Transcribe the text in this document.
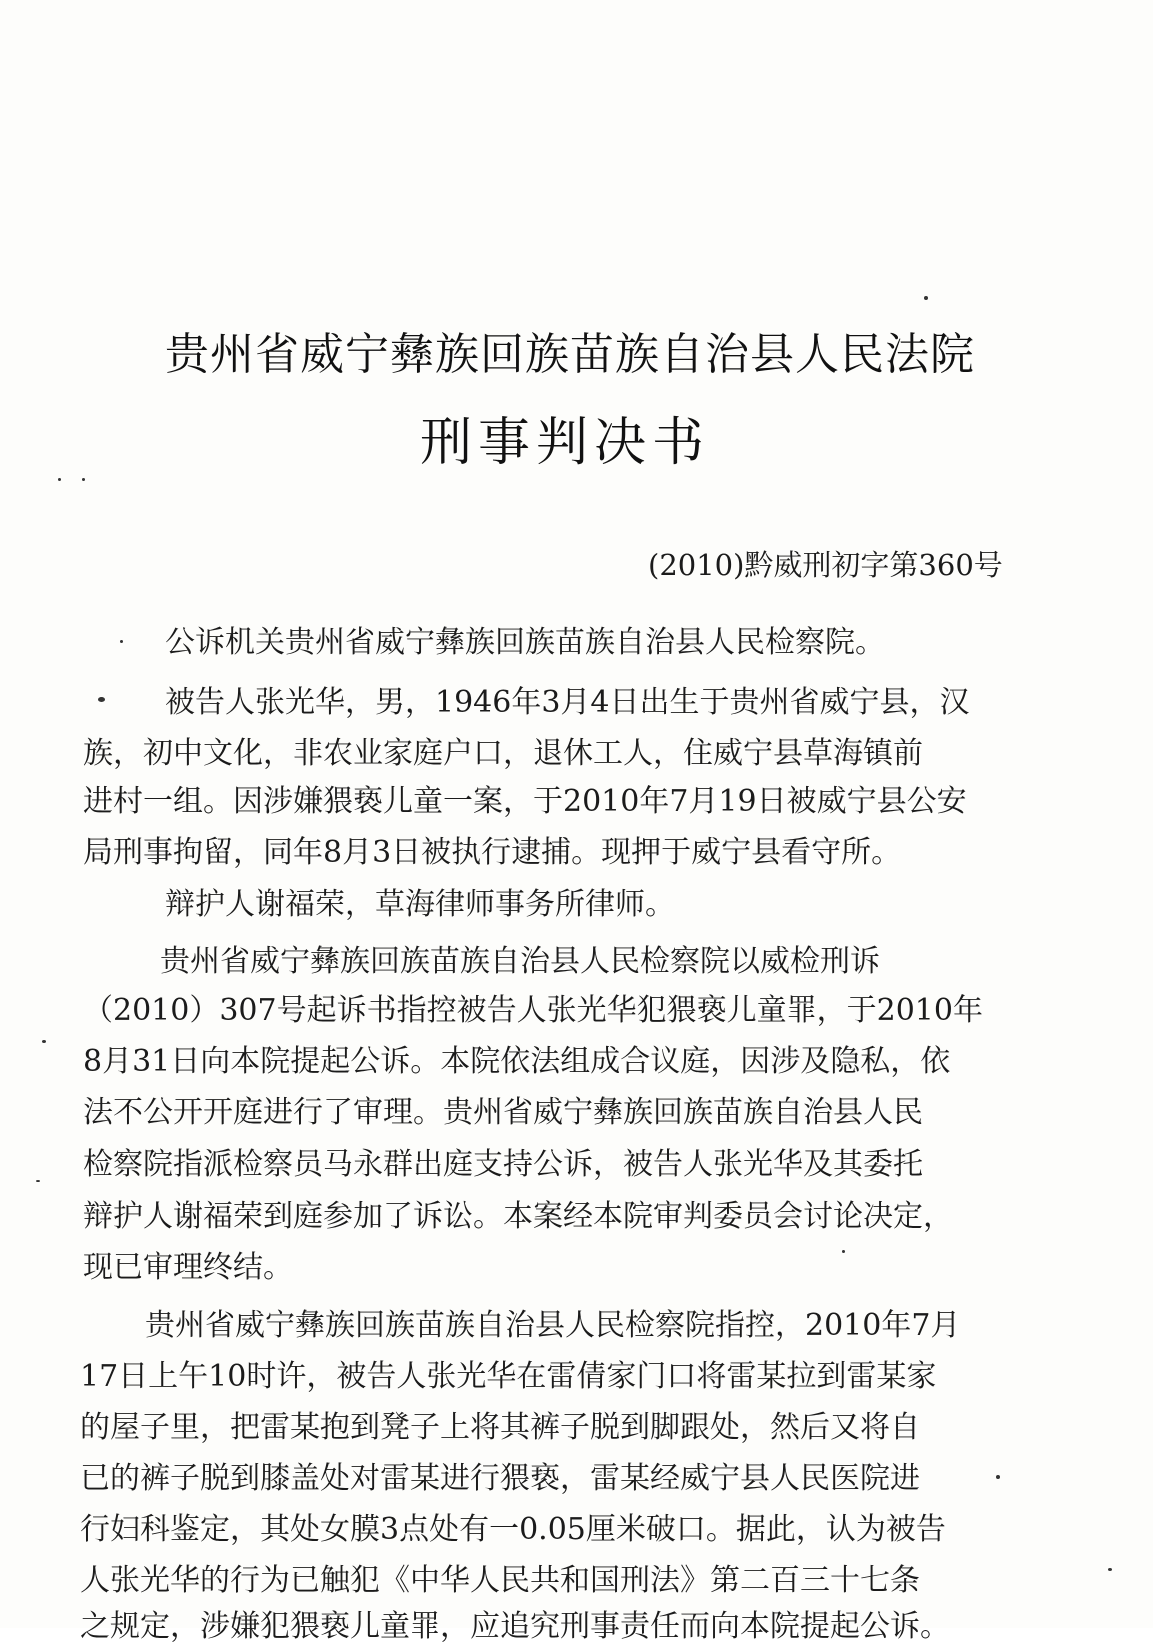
贵州省威宁彝族回族苗族自治县人民法院
刑事判决书
(2010)黔威刑初字第360号
公诉机关贵州省威宁彝族回族苗族自治县人民检察院。
被告人张光华，男，1946年3月4日出生于贵州省威宁县，汉
族，初中文化，非农业家庭户口，退休工人，住威宁县草海镇前
进村一组。因涉嫌猥亵儿童一案，于2010年7月19日被威宁县公安
局刑事拘留，同年8月3日被执行逮捕。现押于威宁县看守所。
辩护人谢福荣，草海律师事务所律师。
贵州省威宁彝族回族苗族自治县人民检察院以威检刑诉
（2010）307号起诉书指控被告人张光华犯猥亵儿童罪，于2010年
8月31日向本院提起公诉。本院依法组成合议庭，因涉及隐私，依
法不公开开庭进行了审理。贵州省威宁彝族回族苗族自治县人民
检察院指派检察员马永群出庭支持公诉，被告人张光华及其委托
辩护人谢福荣到庭参加了诉讼。本案经本院审判委员会讨论决定，
现已审理终结。
贵州省威宁彝族回族苗族自治县人民检察院指控，2010年7月
17日上午10时许，被告人张光华在雷倩家门口将雷某拉到雷某家
的屋子里，把雷某抱到凳子上将其裤子脱到脚跟处，然后又将自
已的裤子脱到膝盖处对雷某进行猥亵，雷某经威宁县人民医院进
行妇科鉴定，其处女膜3点处有一0.05厘米破口。据此，认为被告
人张光华的行为已触犯《中华人民共和国刑法》第二百三十七条
之规定，涉嫌犯猥亵儿童罪，应追究刑事责任而向本院提起公诉。
